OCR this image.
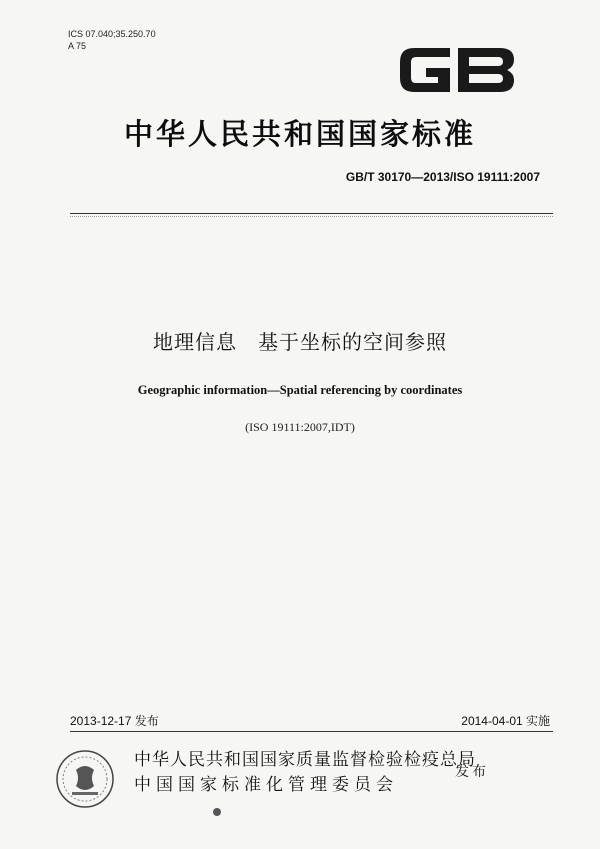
ICS 07.040;35.250.70
A 75
中华人民共和国国家标准
GB/T 30170—2013/ISO 19111:2007
地理信息　基于坐标的空间参照
Geographic information—Spatial referencing by coordinates
(ISO 19111:2007,IDT)
2013-12-17 发布	2014-04-01 实施
中华人民共和国国家质量监督检验检疫总局
中国国家标准化管理委员会
发布
